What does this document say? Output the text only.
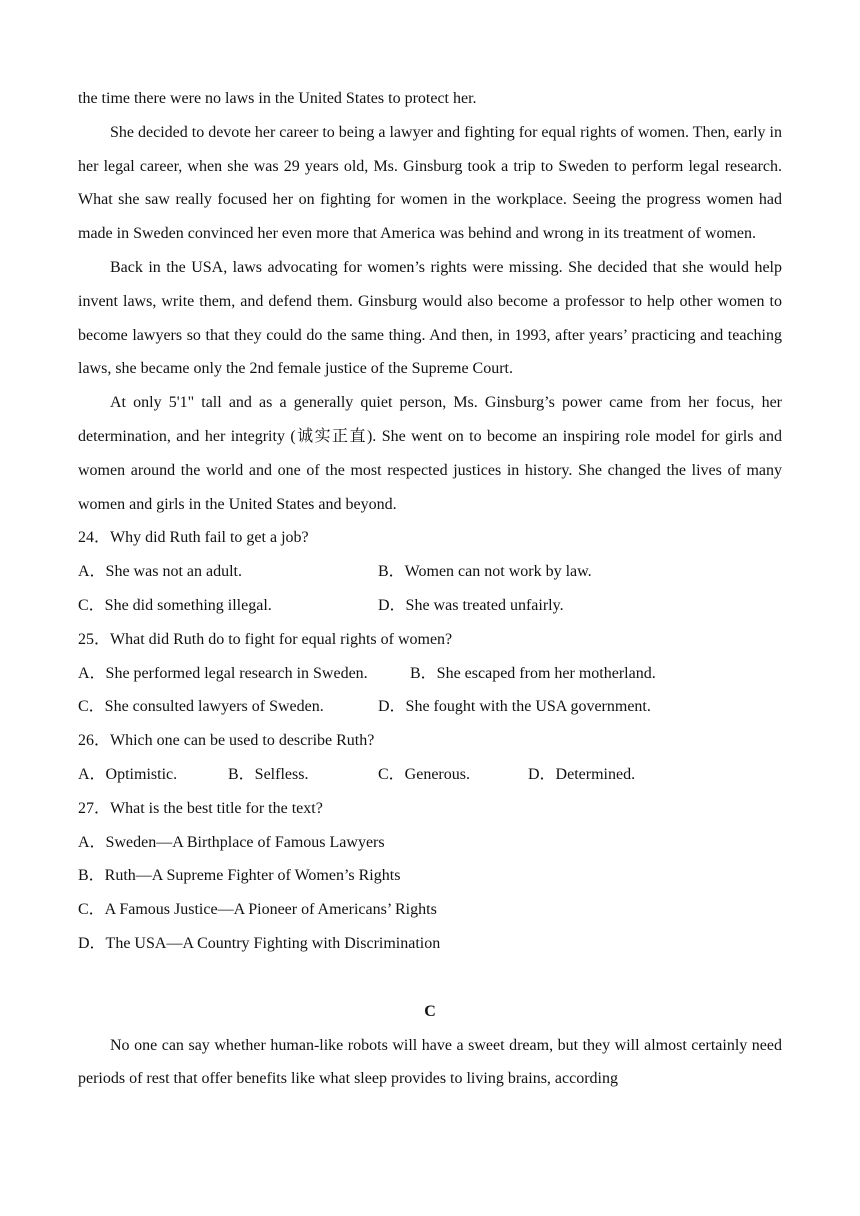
the time there were no laws in the United States to protect her.

She decided to devote her career to being a lawyer and fighting for equal rights of women. Then, early in her legal career, when she was 29 years old, Ms. Ginsburg took a trip to Sweden to perform legal research. What she saw really focused her on fighting for women in the workplace. Seeing the progress women had made in Sweden convinced her even more that America was behind and wrong in its treatment of women.

Back in the USA, laws advocating for women’s rights were missing. She decided that she would help invent laws, write them, and defend them. Ginsburg would also become a professor to help other women to become lawyers so that they could do the same thing. And then, in 1993, after years’ practicing and teaching laws, she became only the 2nd female justice of the Supreme Court.

At only 5'1" tall and as a generally quiet person, Ms. Ginsburg’s power came from her focus, her determination, and her integrity (诚实正直). She went on to become an inspiring role model for girls and women around the world and one of the most respected justices in history. She changed the lives of many women and girls in the United States and beyond.

24．Why did Ruth fail to get a job?
A．She was not an adult.	B．Women can not work by law.
C．She did something illegal.	D．She was treated unfairly.
25．What did Ruth do to fight for equal rights of women?
A．She performed legal research in Sweden.	B．She escaped from her motherland.
C．She consulted lawyers of Sweden.	D．She fought with the USA government.
26．Which one can be used to describe Ruth?
A．Optimistic.	B．Selfless.	C．Generous.	D．Determined.
27．What is the best title for the text?
A．Sweden—A Birthplace of Famous Lawyers
B．Ruth—A Supreme Fighter of Women’s Rights
C．A Famous Justice—A Pioneer of Americans’ Rights
D．The USA—A Country Fighting with Discrimination
C

No one can say whether human-like robots will have a sweet dream, but they will almost certainly need periods of rest that offer benefits like what sleep provides to living brains, according
